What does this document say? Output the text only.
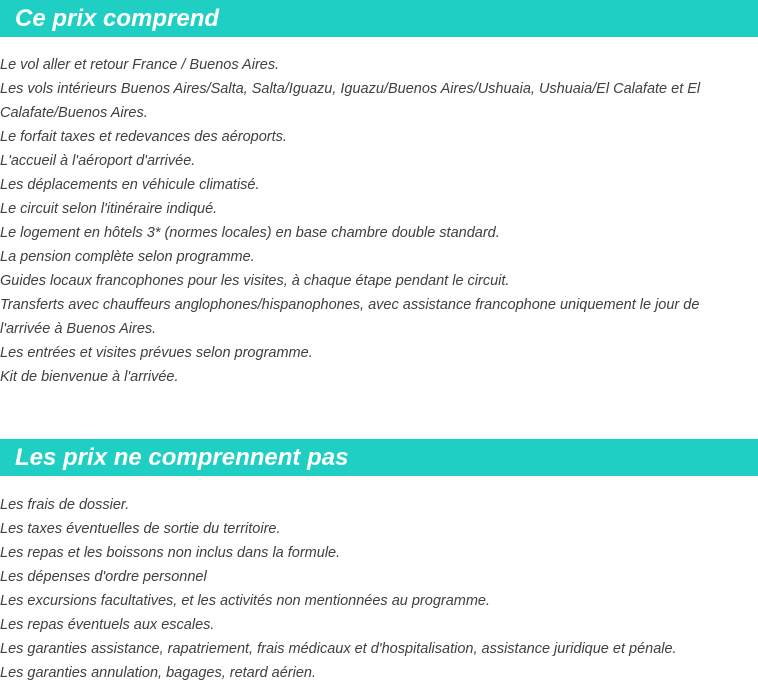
Ce prix comprend
Le vol aller et retour France / Buenos Aires.
Les vols intérieurs Buenos Aires/Salta, Salta/Iguazu, Iguazu/Buenos Aires/Ushuaia, Ushuaia/El Calafate et El Calafate/Buenos Aires.
Le forfait taxes et redevances des aéroports.
L'accueil à l'aéroport d'arrivée.
Les déplacements en véhicule climatisé.
Le circuit selon l'itinéraire indiqué.
Le logement en hôtels 3* (normes locales) en base chambre double standard.
La pension complète selon programme.
Guides locaux francophones pour les visites, à chaque étape pendant le circuit.
Transferts avec chauffeurs anglophones/hispanophones, avec assistance francophone uniquement le jour de l'arrivée à Buenos Aires.
Les entrées et visites prévues selon programme.
Kit de bienvenue à l'arrivée.
Les prix ne comprennent pas
Les frais de dossier.
Les taxes éventuelles de sortie du territoire.
Les repas et les boissons non inclus dans la formule.
Les dépenses d'ordre personnel
Les excursions facultatives, et les activités non mentionnées au programme.
Les repas éventuels aux escales.
Les garanties assistance, rapatriement, frais médicaux et d'hospitalisation, assistance juridique et pénale.
Les garanties annulation, bagages, retard aérien.
